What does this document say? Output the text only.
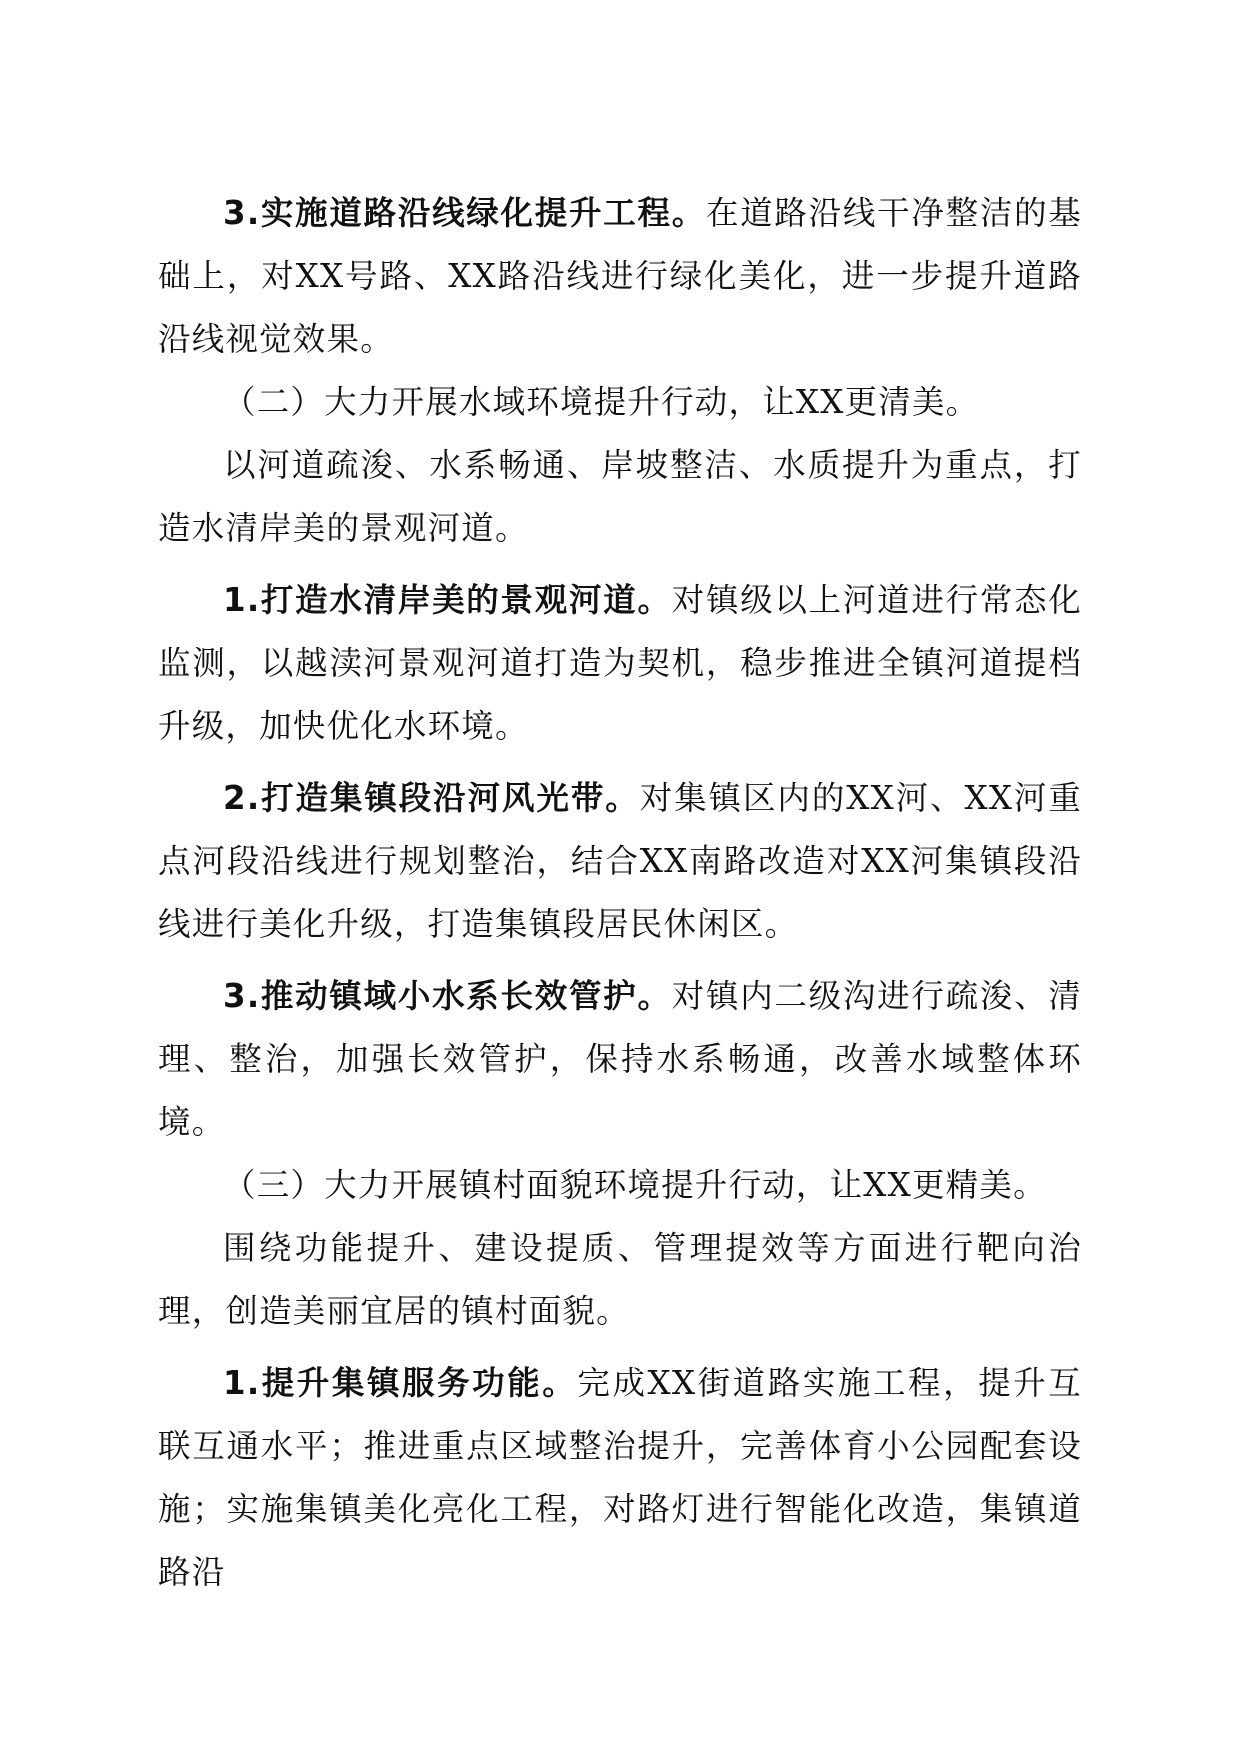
3.实施道路沿线绿化提升工程。在道路沿线干净整洁的基础上，对XX号路、XX路沿线进行绿化美化，进一步提升道路沿线视觉效果。

（二）大力开展水域环境提升行动，让XX更清美。

以河道疏浚、水系畅通、岸坡整洁、水质提升为重点，打造水清岸美的景观河道。

1.打造水清岸美的景观河道。对镇级以上河道进行常态化监测，以越渎河景观河道打造为契机，稳步推进全镇河道提档升级，加快优化水环境。

2.打造集镇段沿河风光带。对集镇区内的XX河、XX河重点河段沿线进行规划整治，结合XX南路改造对XX河集镇段沿线进行美化升级，打造集镇段居民休闲区。

3.推动镇域小水系长效管护。对镇内二级沟进行疏浚、清理、整治，加强长效管护，保持水系畅通，改善水域整体环境。

（三）大力开展镇村面貌环境提升行动，让XX更精美。

围绕功能提升、建设提质、管理提效等方面进行靶向治理，创造美丽宜居的镇村面貌。

1.提升集镇服务功能。完成XX街道路实施工程，提升互联互通水平；推进重点区域整治提升，完善体育小公园配套设施；实施集镇美化亮化工程，对路灯进行智能化改造，集镇道路沿
